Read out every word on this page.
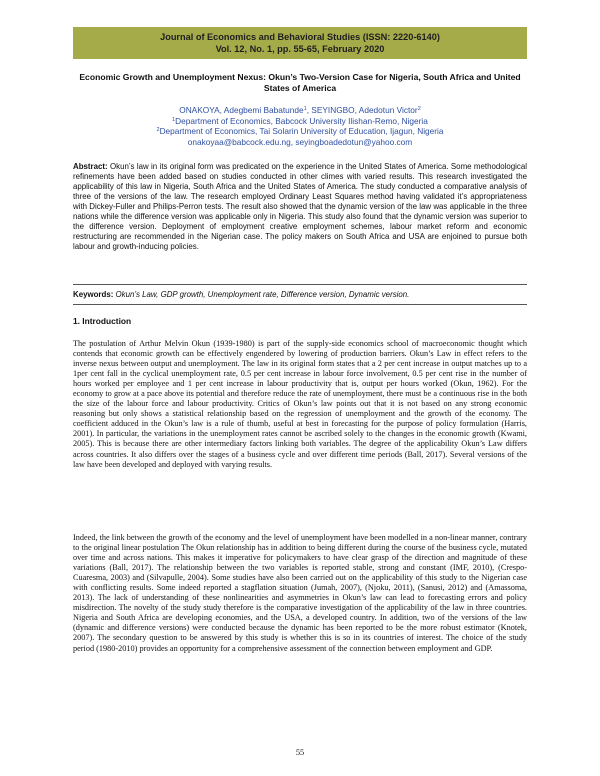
Journal of Economics and Behavioral Studies (ISSN: 2220-6140)
Vol. 12, No. 1, pp. 55-65, February 2020
Economic Growth and Unemployment Nexus: Okun’s Two-Version Case for Nigeria, South Africa and United States of America
ONAKOYA, Adegbemi Babatunde$^1$, SEYINGBO, Adedotun Victor$^2$
$^1$Department of Economics, Babcock University Ilishan-Remo, Nigeria
$^2$Department of Economics, Tai Solarin University of Education, Ijagun, Nigeria
onakoyaa@babcock.edu.ng, seyingboadedotun@yahoo.com
Abstract: Okun’s law in its original form was predicated on the experience in the United States of America. Some methodological refinements have been added based on studies conducted in other climes with varied results. This research investigated the applicability of this law in Nigeria, South Africa and the United States of America. The study conducted a comparative analysis of three of the versions of the law. The research employed Ordinary Least Squares method having validated it’s appropriateness with Dickey-Fuller and Philips-Perron tests. The result also showed that the dynamic version of the law was applicable in the three nations while the difference version was applicable only in Nigeria. This study also found that the dynamic version was superior to the difference version. Deployment of employment creative employment schemes, labour market reform and economic restructuring are recommended in the Nigerian case. The policy makers on South Africa and USA are enjoined to pursue both labour and growth-inducing policies.
Keywords: Okun’s Law, GDP growth, Unemployment rate, Difference version, Dynamic version.
1. Introduction
The postulation of Arthur Melvin Okun (1939-1980) is part of the supply-side economics school of macroeconomic thought which contends that economic growth can be effectively engendered by lowering of production barriers. Okun’s Law in effect refers to the inverse nexus between output and unemployment. The law in its original form states that a 2 per cent increase in output matches up to a 1per cent fall in the cyclical unemployment rate, 0.5 per cent increase in labour force involvement, 0.5 per cent rise in the number of hours worked per employee and 1 per cent increase in labour productivity that is, output per hours worked (Okun, 1962). For the economy to grow at a pace above its potential and therefore reduce the rate of unemployment, there must be a continuous rise in the both the size of the labour force and labour productivity. Critics of Okun’s law points out that it is not based on any strong economic reasoning but only shows a statistical relationship based on the regression of unemployment and the growth of the economy. The coefficient adduced in the Okun’s law is a rule of thumb, useful at best in forecasting for the purpose of policy formulation (Harris, 2001). In particular, the variations in the unemployment rates cannot be ascribed solely to the changes in the economic growth (Kwami, 2005). This is because there are other intermediary factors linking both variables. The degree of the applicability Okun’s Law differs across countries. It also differs over the stages of a business cycle and over different time periods (Ball, 2017). Several versions of the law have been developed and deployed with varying results.
Indeed, the link between the growth of the economy and the level of unemployment have been modelled in a non-linear manner, contrary to the original linear postulation The Okun relationship has in addition to being different during the course of the business cycle, mutated over time and across nations. This makes it imperative for policymakers to have clear grasp of the direction and magnitude of these variations (Ball, 2017). The relationship between the two variables is reported stable, strong and constant (IMF, 2010), (Crespo-Cuaresma, 2003) and (Silvapulle, 2004). Some studies have also been carried out on the applicability of this study to the Nigerian case with conflicting results. Some indeed reported a stagflation situation (Jumah, 2007), (Njoku, 2011), (Sanusi, 2012) and (Amassoma, 2013). The lack of understanding of these nonlinearities and asymmetries in Okun’s law can lead to forecasting errors and policy misdirection. The novelty of the study study therefore is the comparative investigation of the applicability of the law in three countries. Nigeria and South Africa are developing economies, and the USA, a developed country. In addition, two of the versions of the law (dynamic and difference versions) were conducted because the dynamic has been reported to be the more robust estimator (Knotek, 2007). The secondary question to be answered by this study is whether this is so in its countries of interest. The choice of the study period (1980-2010) provides an opportunity for a comprehensive assessment of the connection between employment and GDP.
55
